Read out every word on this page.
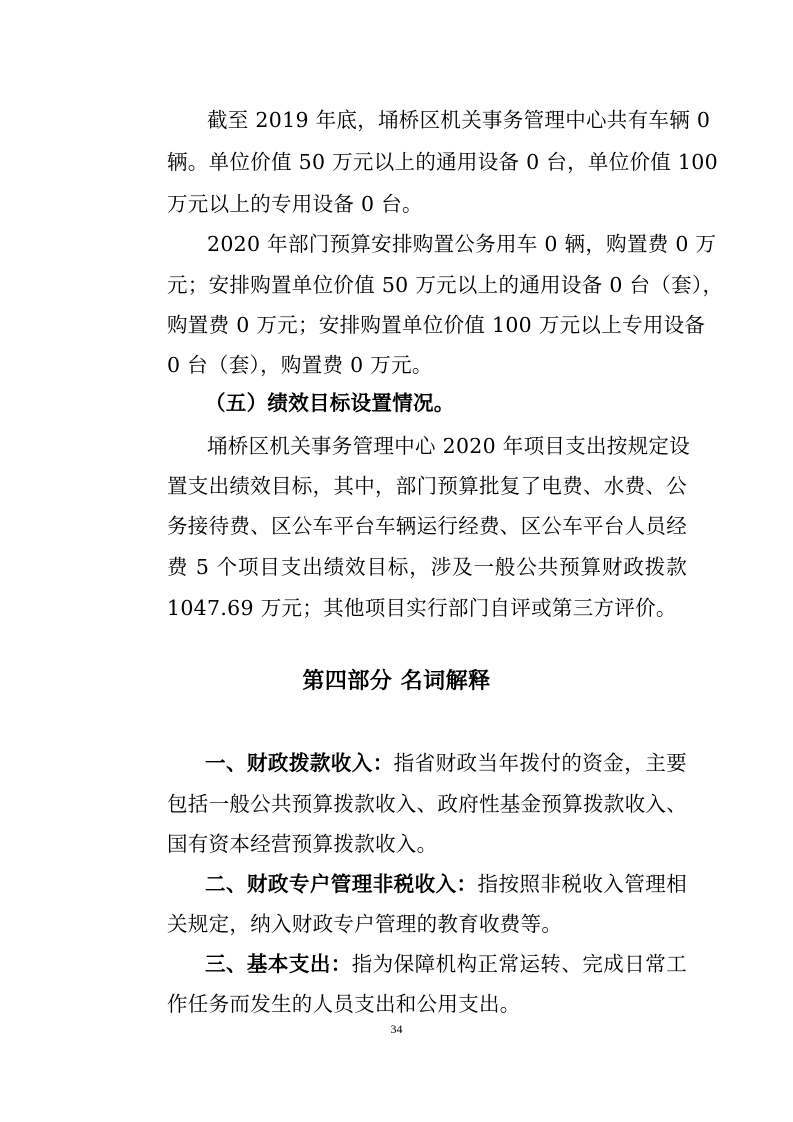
截至 2019 年底，埇桥区机关事务管理中心共有车辆 0
辆。单位价值 50 万元以上的通用设备 0 台，单位价值 100
万元以上的专用设备 0 台。
2020 年部门预算安排购置公务用车 0 辆，购置费 0 万
元；安排购置单位价值 50 万元以上的通用设备 0 台（套），
购置费 0 万元；安排购置单位价值 100 万元以上专用设备
0 台（套），购置费 0 万元。
（五）绩效目标设置情况。
埇桥区机关事务管理中心 2020 年项目支出按规定设
置支出绩效目标，其中，部门预算批复了电费、水费、公
务接待费、区公车平台车辆运行经费、区公车平台人员经
费 5 个项目支出绩效目标，涉及一般公共预算财政拨款
1047.69 万元；其他项目实行部门自评或第三方评价。
第四部分 名词解释
一、财政拨款收入：指省财政当年拨付的资金，主要
包括一般公共预算拨款收入、政府性基金预算拨款收入、
国有资本经营预算拨款收入。
二、财政专户管理非税收入：指按照非税收入管理相
关规定，纳入财政专户管理的教育收费等。
三、基本支出：指为保障机构正常运转、完成日常工
作任务而发生的人员支出和公用支出。
34
